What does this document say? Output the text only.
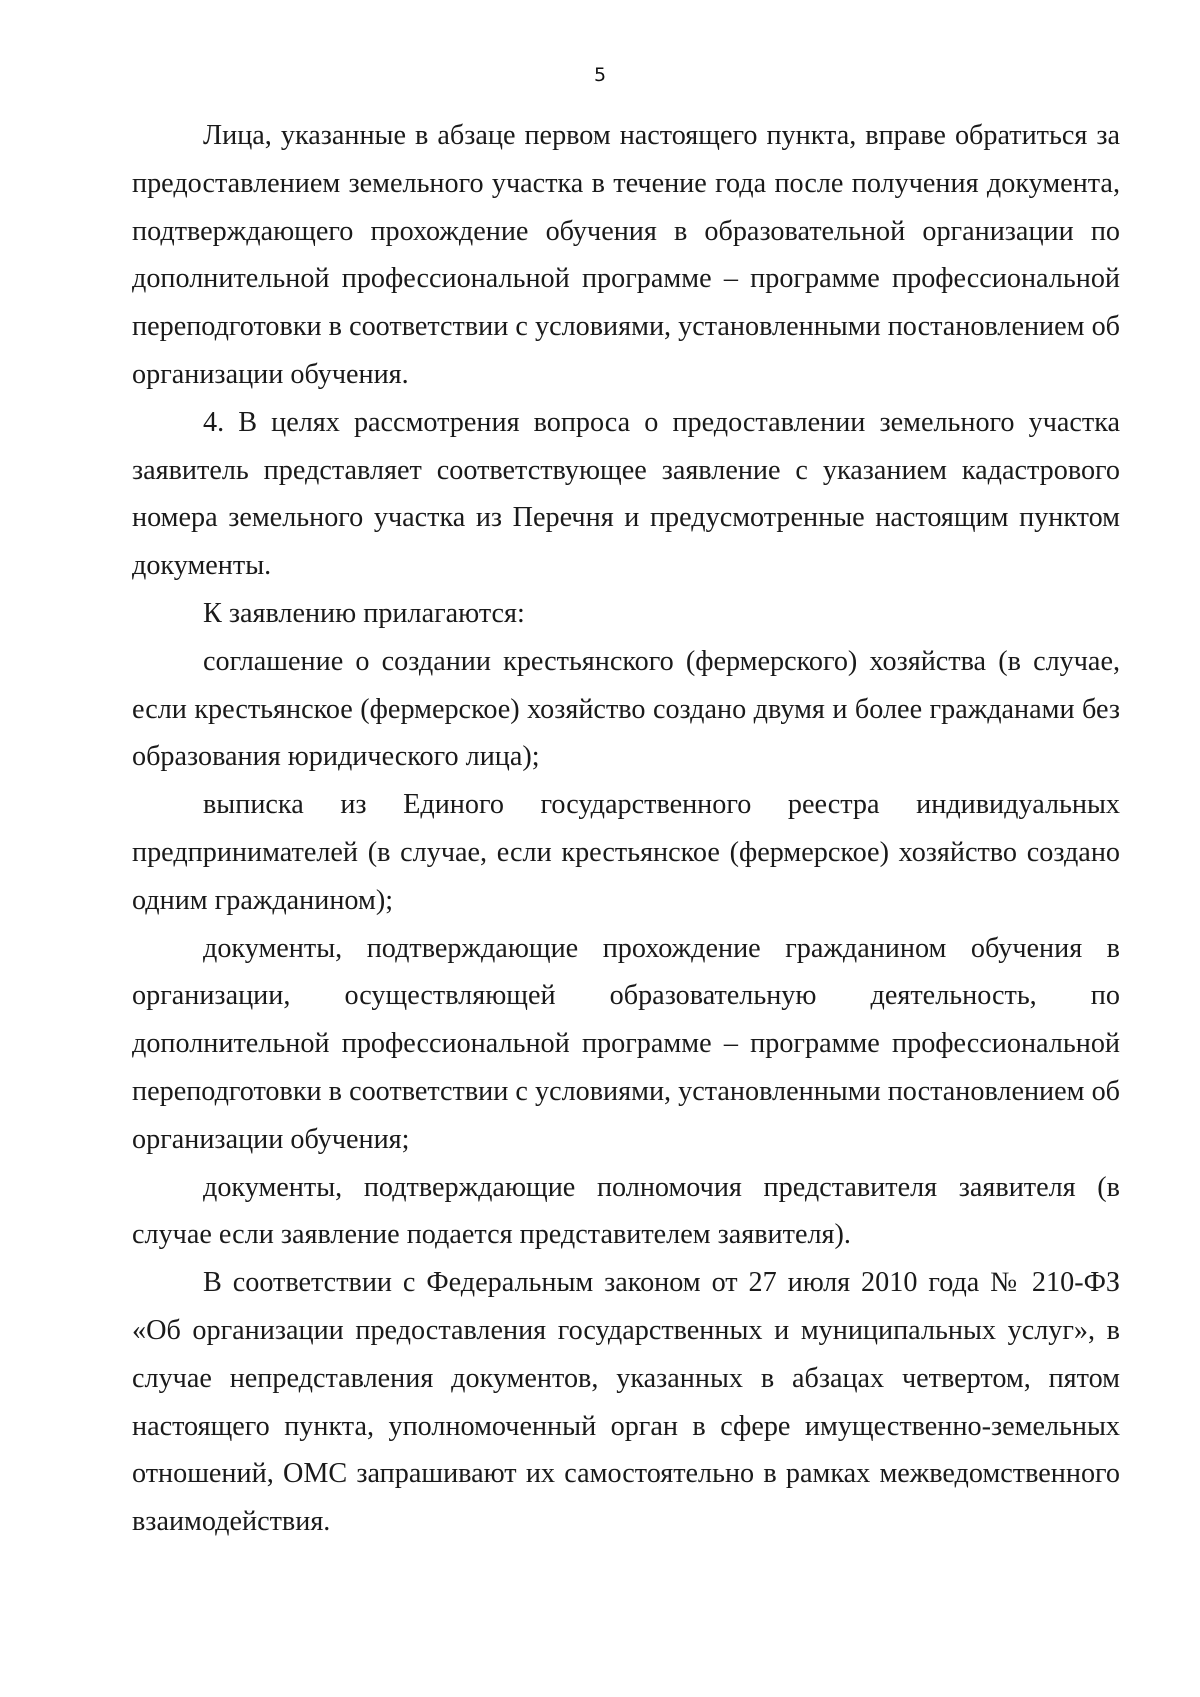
5

Лица, указанные в абзаце первом настоящего пункта, вправе обратиться за предоставлением земельного участка в течение года после получения документа, подтверждающего прохождение обучения в образовательной организации по дополнительной профессиональной программе – программе профессиональной переподготовки в соответствии с условиями, установленными постановлением об организации обучения.

4. В целях рассмотрения вопроса о предоставлении земельного участка заявитель представляет соответствующее заявление с указанием кадастрового номера земельного участка из Перечня и предусмотренные настоящим пунктом документы.

К заявлению прилагаются:

соглашение о создании крестьянского (фермерского) хозяйства (в случае, если крестьянское (фермерское) хозяйство создано двумя и более гражданами без образования юридического лица);

выписка из Единого государственного реестра индивидуальных предпринимателей (в случае, если крестьянское (фермерское) хозяйство создано одним гражданином);

документы, подтверждающие прохождение гражданином обучения в организации, осуществляющей образовательную деятельность, по дополнительной профессиональной программе – программе профессиональной переподготовки в соответствии с условиями, установленными постановлением об организации обучения;

документы, подтверждающие полномочия представителя заявителя (в случае если заявление подается представителем заявителя).

В соответствии с Федеральным законом от 27 июля 2010 года № 210-ФЗ «Об организации предоставления государственных и муниципальных услуг», в случае непредставления документов, указанных в абзацах четвертом, пятом настоящего пункта, уполномоченный орган в сфере имущественно-земельных отношений, ОМС запрашивают их самостоятельно в рамках межведомственного взаимодействия.
